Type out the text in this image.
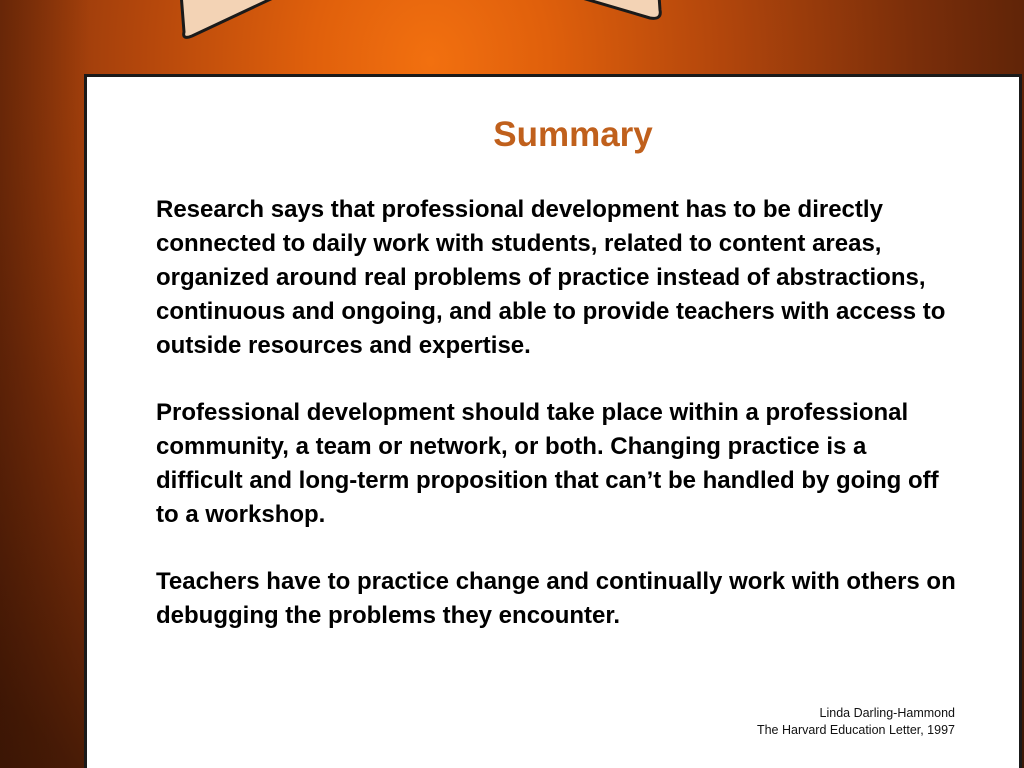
Summary

Research says that professional development has to be directly connected to daily work with students, related to content areas, organized around real problems of practice instead of abstractions, continuous and ongoing, and able to provide teachers with access to outside resources and expertise.

Professional development should take place within a professional community, a team or network, or both. Changing practice is a difficult and long-term proposition that can’t be handled by going off to a workshop.

Teachers have to practice change and continually work with others on debugging the problems they encounter.

Linda Darling-Hammond
The Harvard Education Letter, 1997
